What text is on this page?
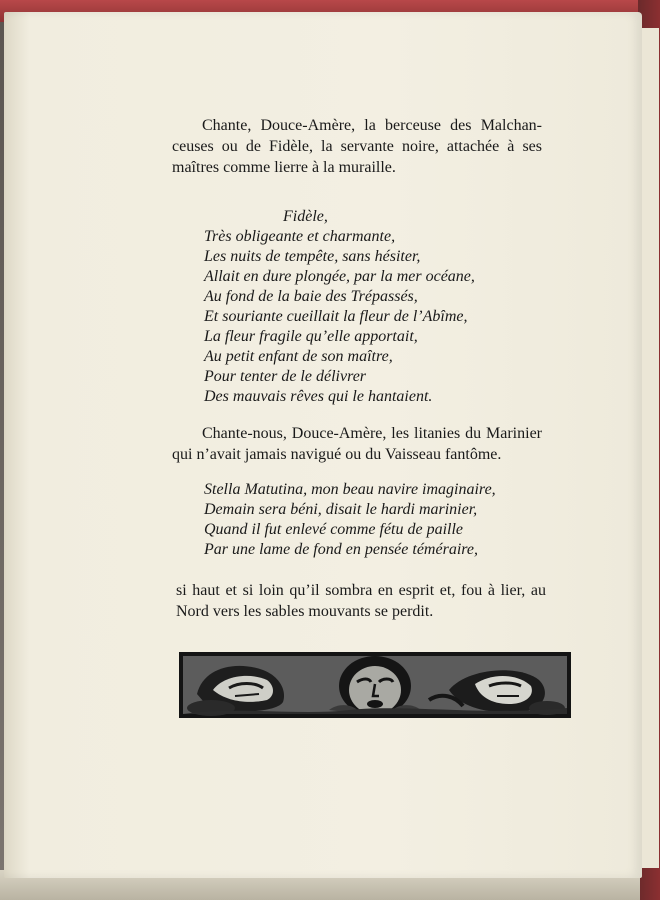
Chante, Douce-Amère, la berceuse des Malchan-
ceuses ou de Fidèle, la servante noire, attachée à ses
maîtres comme lierre à la muraille.

Fidèle,
Très obligeante et charmante,
Les nuits de tempête, sans hésiter,
Allait en dure plongée, par la mer océane,
Au fond de la baie des Trépassés,
Et souriante cueillait la fleur de l’Abîme,
La fleur fragile qu’elle apportait,
Au petit enfant de son maître,
Pour tenter de le délivrer
Des mauvais rêves qui le hantaient.

Chante-nous, Douce-Amère, les litanies du Marinier
qui n’avait jamais navigué ou du Vaisseau fantôme.

Stella Matutina, mon beau navire imaginaire,
Demain sera béni, disait le hardi marinier,
Quand il fut enlevé comme fétu de paille
Par une lame de fond en pensée téméraire,

si haut et si loin qu’il sombra en esprit et, fou à lier, au
Nord vers les sables mouvants se perdit.
